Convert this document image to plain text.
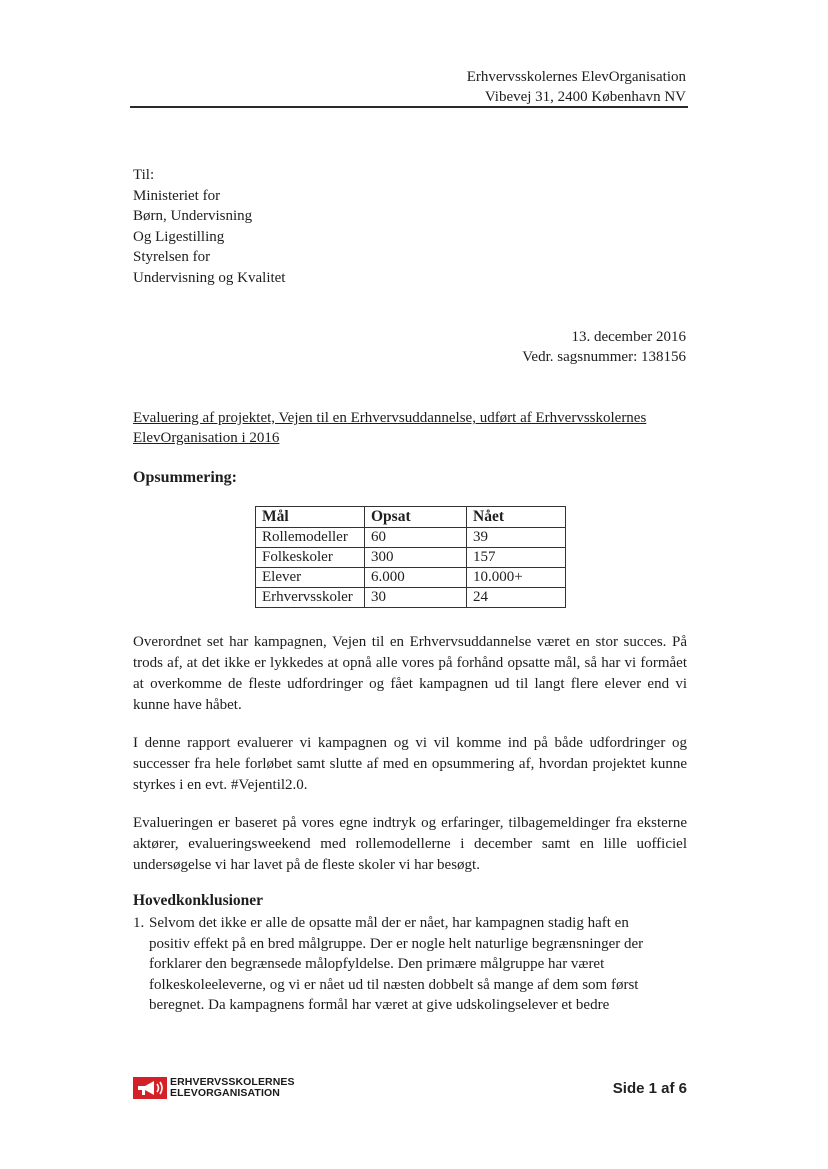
Erhvervsskolernes ElevOrganisation
Vibevej 31, 2400 København NV
Til:
Ministeriet for
Børn, Undervisning
Og Ligestilling
Styrelsen for
Undervisning og Kvalitet
13. december 2016
Vedr. sagsnummer: 138156
Evaluering af projektet, Vejen til en Erhvervsuddannelse, udført af Erhvervsskolernes ElevOrganisation i 2016
Opsummering:
Mål	Opsat	Nået
Rollemodeller	60	39
Folkeskoler	300	157
Elever	6.000	10.000+
Erhvervsskoler	30	24
Overordnet set har kampagnen, Vejen til en Erhvervsuddannelse været en stor succes. På trods af, at det ikke er lykkedes at opnå alle vores på forhånd opsatte mål, så har vi formået at overkomme de fleste udfordringer og fået kampagnen ud til langt flere elever end vi kunne have håbet.
I denne rapport evaluerer vi kampagnen og vi vil komme ind på både udfordringer og successer fra hele forløbet samt slutte af med en opsummering af, hvordan projektet kunne styrkes i en evt. #Vejentil2.0.
Evalueringen er baseret på vores egne indtryk og erfaringer, tilbagemeldinger fra eksterne aktører, evalueringsweekend med rollemodellerne i december samt en lille uofficiel undersøgelse vi har lavet på de fleste skoler vi har besøgt.
Hovedkonklusioner
1. Selvom det ikke er alle de opsatte mål der er nået, har kampagnen stadig haft en positiv effekt på en bred målgruppe. Der er nogle helt naturlige begrænsninger der forklarer den begrænsede målopfyldelse. Den primære målgruppe har været folkeskoleeleverne, og vi er nået ud til næsten dobbelt så mange af dem som først beregnet. Da kampagnens formål har været at give udskolingselever et bedre
ERHVERVSSKOLERNES
ELEVORGANISATION	Side 1 af 6
